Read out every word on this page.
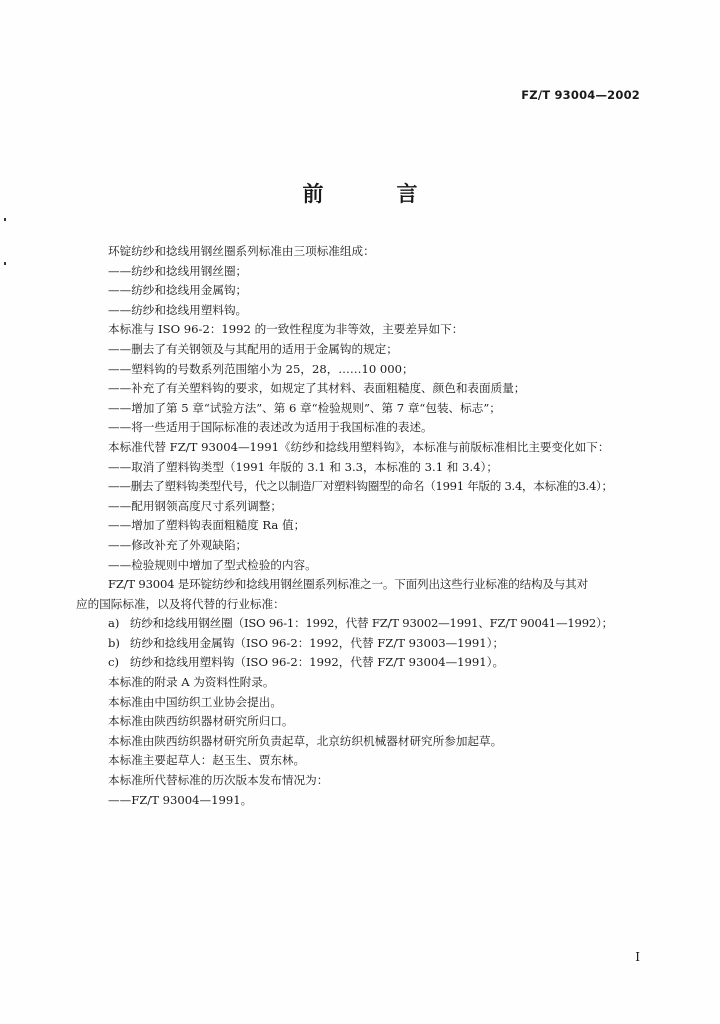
FZ/T 93004—2002
前　言
环锭纺纱和捻线用钢丝圈系列标准由三项标准组成：
——纺纱和捻线用钢丝圈；
——纺纱和捻线用金属钩；
——纺纱和捻线用塑料钩。
本标准与 ISO 96-2：1992 的一致性程度为非等效，主要差异如下：
——删去了有关钢领及与其配用的适用于金属钩的规定；
——塑料钩的号数系列范围缩小为 25，28，……10 000；
——补充了有关塑料钩的要求，如规定了其材料、表面粗糙度、颜色和表面质量；
——增加了第 5 章“试验方法”、第 6 章“检验规则”、第 7 章“包装、标志”；
——将一些适用于国际标准的表述改为适用于我国标准的表述。
本标准代替 FZ/T 93004—1991《纺纱和捻线用塑料钩》，本标准与前版标准相比主要变化如下：
——取消了塑料钩类型（1991 年版的 3.1 和 3.3，本标准的 3.1 和 3.4）；
——删去了塑料钩类型代号，代之以制造厂对塑料钩圈型的命名（1991 年版的 3.4，本标准的3.4）；
——配用钢领高度尺寸系列调整；
——增加了塑料钩表面粗糙度 Ra 值；
——修改补充了外观缺陷；
——检验规则中增加了型式检验的内容。
FZ/T 93004 是环锭纺纱和捻线用钢丝圈系列标准之一。下面列出这些行业标准的结构及与其对
应的国际标准，以及将代替的行业标准：
a) 纺纱和捻线用钢丝圈（ISO 96-1：1992，代替 FZ/T 93002—1991、FZ/T 90041—1992）；
b) 纺纱和捻线用金属钩（ISO 96-2：1992，代替 FZ/T 93003—1991）；
c) 纺纱和捻线用塑料钩（ISO 96-2：1992，代替 FZ/T 93004—1991）。
本标准的附录 A 为资料性附录。
本标准由中国纺织工业协会提出。
本标准由陕西纺织器材研究所归口。
本标准由陕西纺织器材研究所负责起草，北京纺织机械器材研究所参加起草。
本标准主要起草人：赵玉生、贾东林。
本标准所代替标准的历次版本发布情况为：
——FZ/T 93004—1991。
I
